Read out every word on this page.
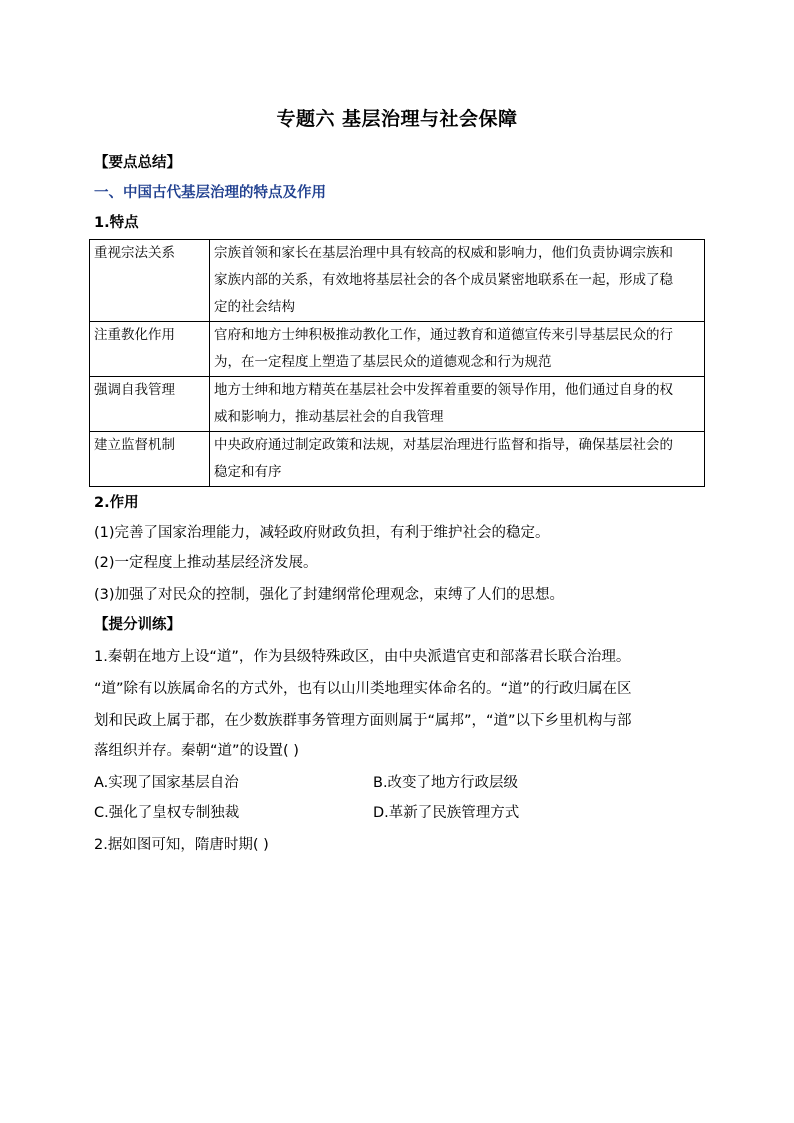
专题六 基层治理与社会保障
【要点总结】
一、中国古代基层治理的特点及作用
1.特点
重视宗法关系	宗族首领和家长在基层治理中具有较高的权威和影响力，他们负责协调宗族和
家族内部的关系，有效地将基层社会的各个成员紧密地联系在一起，形成了稳
定的社会结构

注重教化作用	官府和地方士绅积极推动教化工作，通过教育和道德宣传来引导基层民众的行
为，在一定程度上塑造了基层民众的道德观念和行为规范

强调自我管理	地方士绅和地方精英在基层社会中发挥着重要的领导作用，他们通过自身的权
威和影响力，推动基层社会的自我管理

建立监督机制	中央政府通过制定政策和法规，对基层治理进行监督和指导，确保基层社会的
稳定和有序
2.作用
(1)完善了国家治理能力，减轻政府财政负担，有利于维护社会的稳定。
(2)一定程度上推动基层经济发展。
(3)加强了对民众的控制，强化了封建纲常伦理观念，束缚了人们的思想。
【提分训练】
1.秦朝在地方上设“道”，作为县级特殊政区，由中央派遣官吏和部落君长联合治理。
“道”除有以族属命名的方式外，也有以山川类地理实体命名的。“道”的行政归属在区
划和民政上属于郡，在少数族群事务管理方面则属于“属邦”，“道”以下乡里机构与部
落组织并存。秦朝“道”的设置( )
A.实现了国家基层自治	B.改变了地方行政层级
C.强化了皇权专制独裁	D.革新了民族管理方式
2.据如图可知，隋唐时期( )
